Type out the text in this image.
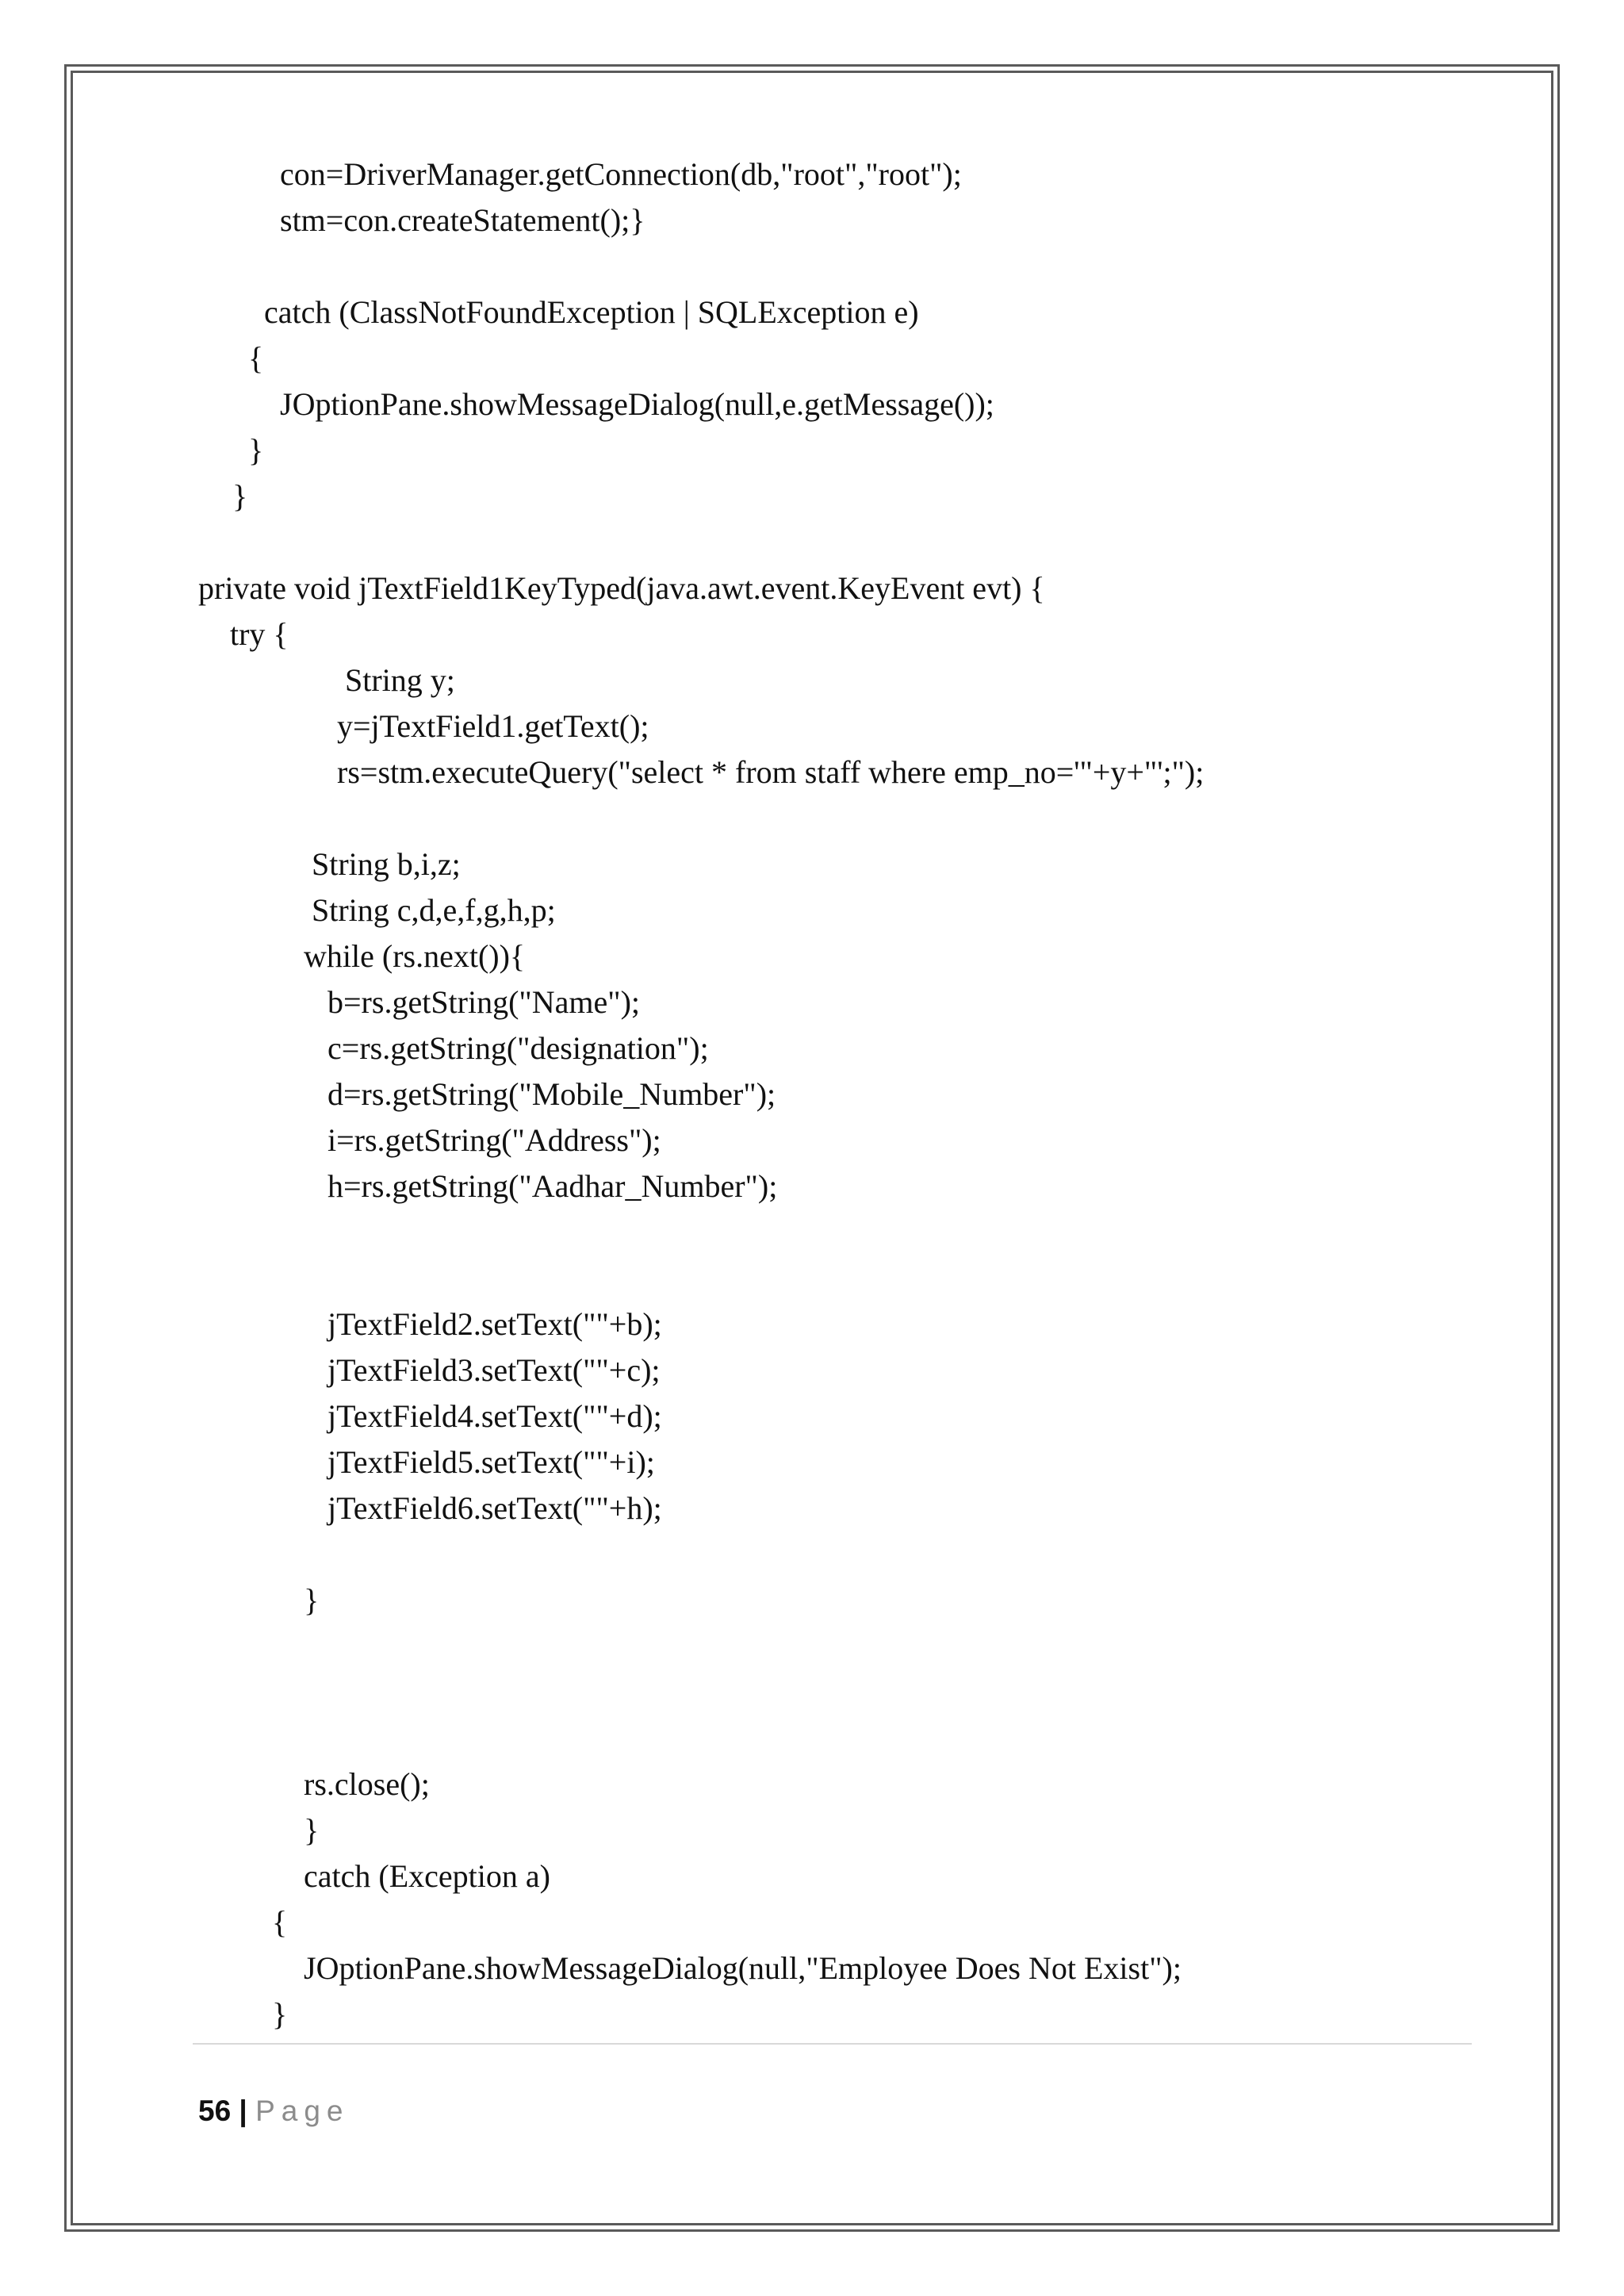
con=DriverManager.getConnection(db,"root","root");
stm=con.createStatement();}
catch (ClassNotFoundException | SQLException e)
{
JOptionPane.showMessageDialog(null,e.getMessage());
}
}
private void jTextField1KeyTyped(java.awt.event.KeyEvent evt) {
try {
String y;
y=jTextField1.getText();
rs=stm.executeQuery("select * from staff where emp_no='"+y+"';");
String b,i,z;
String c,d,e,f,g,h,p;
while (rs.next()){
b=rs.getString("Name");
c=rs.getString("designation");
d=rs.getString("Mobile_Number");
i=rs.getString("Address");
h=rs.getString("Aadhar_Number");
jTextField2.setText(""+b);
jTextField3.setText(""+c);
jTextField4.setText(""+d);
jTextField5.setText(""+i);
jTextField6.setText(""+h);
}
rs.close();
}
catch (Exception a)
{
JOptionPane.showMessageDialog(null,"Employee Does Not Exist");
}
56 | Page
